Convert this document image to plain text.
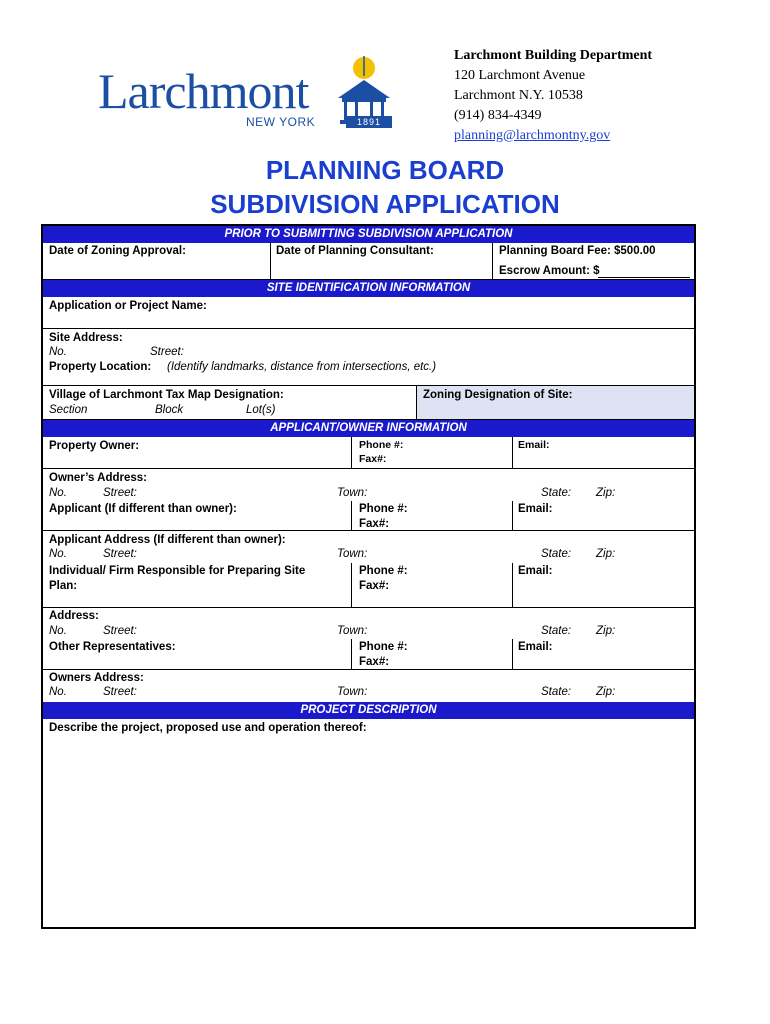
Larchmont
NEW YORK	1891
Larchmont Building Department
120 Larchmont Avenue
Larchmont N.Y. 10538
(914) 834-4349
planning@larchmontny.gov
PLANNING BOARD
SUBDIVISION APPLICATION
PRIOR TO SUBMITTING SUBDIVISION APPLICATION
Date of Zoning Approval:	Date of Planning Consultant:	Planning Board Fee: $500.00
Escrow Amount: $
SITE IDENTIFICATION INFORMATION
Application or Project Name:
Site Address:
No.	Street:
Property Location: (Identify landmarks, distance from intersections, etc.)
Village of Larchmont Tax Map Designation:
Section	Block	Lot(s)
Zoning Designation of Site:
APPLICANT/OWNER INFORMATION
Property Owner:	Phone #:
Fax#:
Email:
Owner’s Address:
No.	Street:	Town:	State: Zip:
Applicant (If different than owner):	Phone #:
Fax#:
Email:
Applicant Address (If different than owner):
No.	Street:	Town:	State: Zip:
Individual/ Firm Responsible for Preparing Site
Plan:
Phone #:
Fax#:
Email:
Address:
No.	Street:	Town:	State: Zip:
Other Representatives:	Phone #:
Fax#:
Email:
Owners Address:
No.	Street:	Town:	State: Zip:
PROJECT DESCRIPTION
Describe the project, proposed use and operation thereof:
